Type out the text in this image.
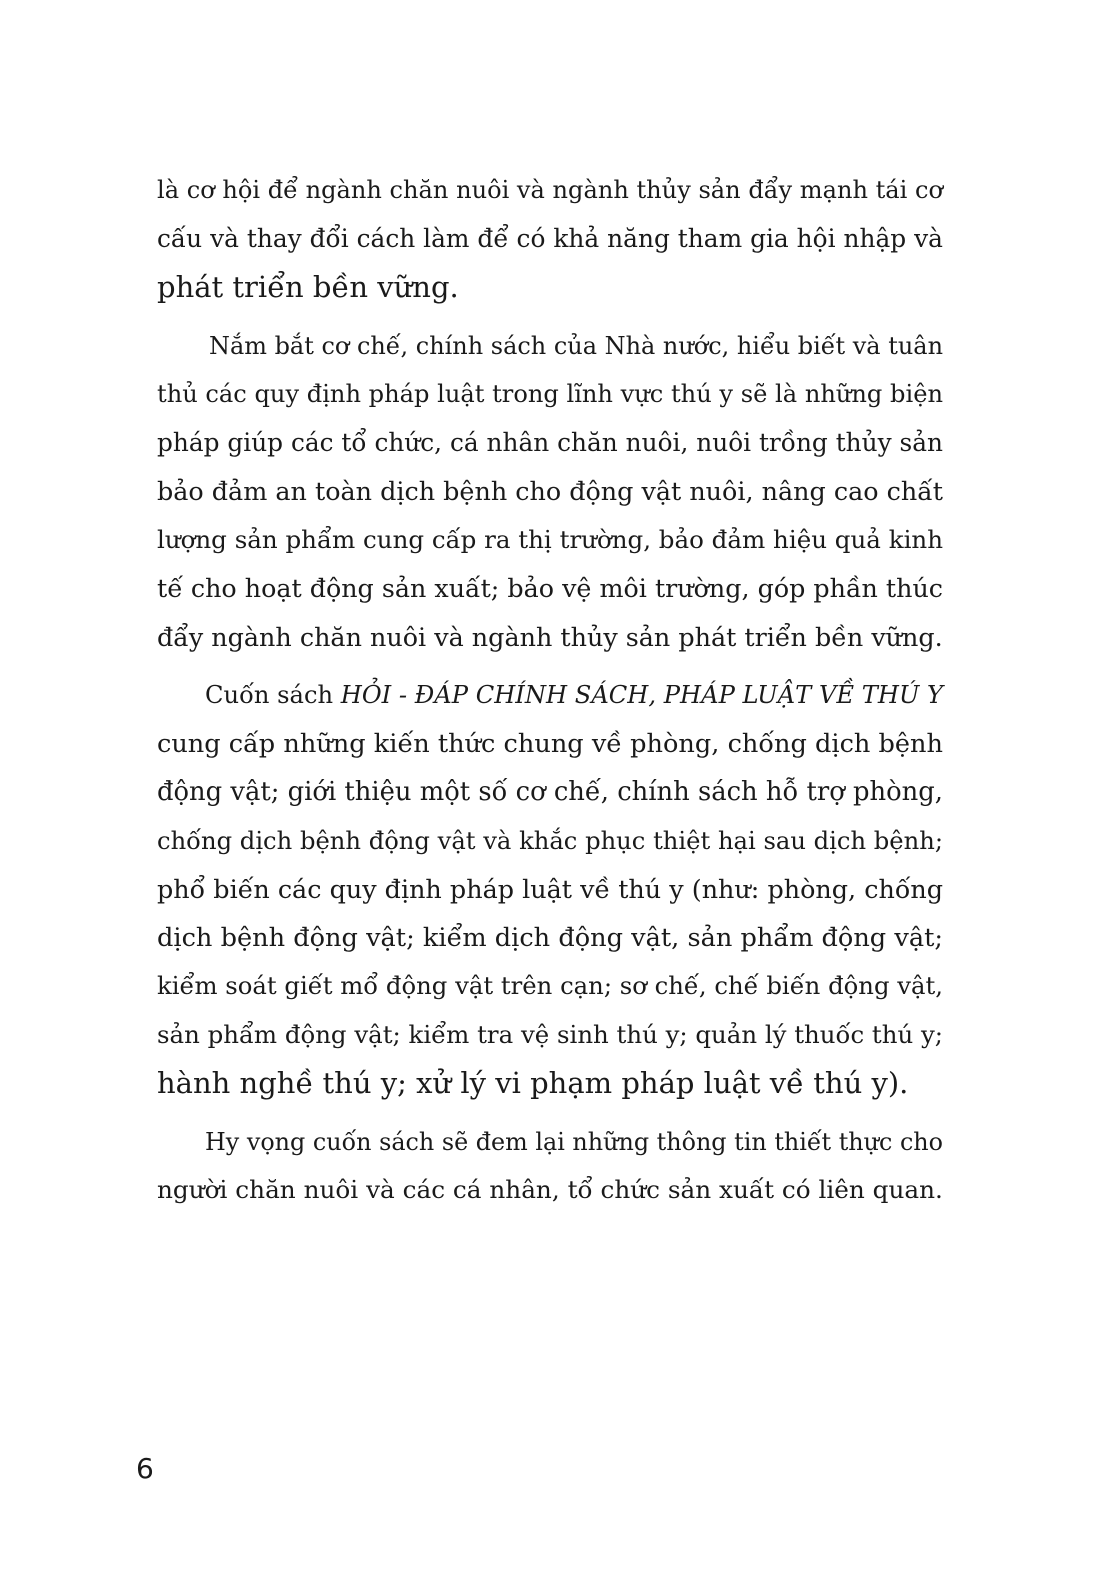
là cơ hội để ngành chăn nuôi và ngành thủy sản đẩy mạnh tái cơ
cấu và thay đổi cách làm để có khả năng tham gia hội nhập và
phát triển bền vững.
Nắm bắt cơ chế, chính sách của Nhà nước, hiểu biết và tuân
thủ các quy định pháp luật trong lĩnh vực thú y sẽ là những biện
pháp giúp các tổ chức, cá nhân chăn nuôi, nuôi trồng thủy sản
bảo đảm an toàn dịch bệnh cho động vật nuôi, nâng cao chất
lượng sản phẩm cung cấp ra thị trường, bảo đảm hiệu quả kinh
tế cho hoạt động sản xuất; bảo vệ môi trường, góp phần thúc
đẩy ngành chăn nuôi và ngành thủy sản phát triển bền vững.
Cuốn sách HỎI - ĐÁP CHÍNH SÁCH, PHÁP LUẬT VỀ THÚ Y
cung cấp những kiến thức chung về phòng, chống dịch bệnh
động vật; giới thiệu một số cơ chế, chính sách hỗ trợ phòng,
chống dịch bệnh động vật và khắc phục thiệt hại sau dịch bệnh;
phổ biến các quy định pháp luật về thú y (như: phòng, chống
dịch bệnh động vật; kiểm dịch động vật, sản phẩm động vật;
kiểm soát giết mổ động vật trên cạn; sơ chế, chế biến động vật,
sản phẩm động vật; kiểm tra vệ sinh thú y; quản lý thuốc thú y;
hành nghề thú y; xử lý vi phạm pháp luật về thú y).
Hy vọng cuốn sách sẽ đem lại những thông tin thiết thực cho
người chăn nuôi và các cá nhân, tổ chức sản xuất có liên quan.
6
